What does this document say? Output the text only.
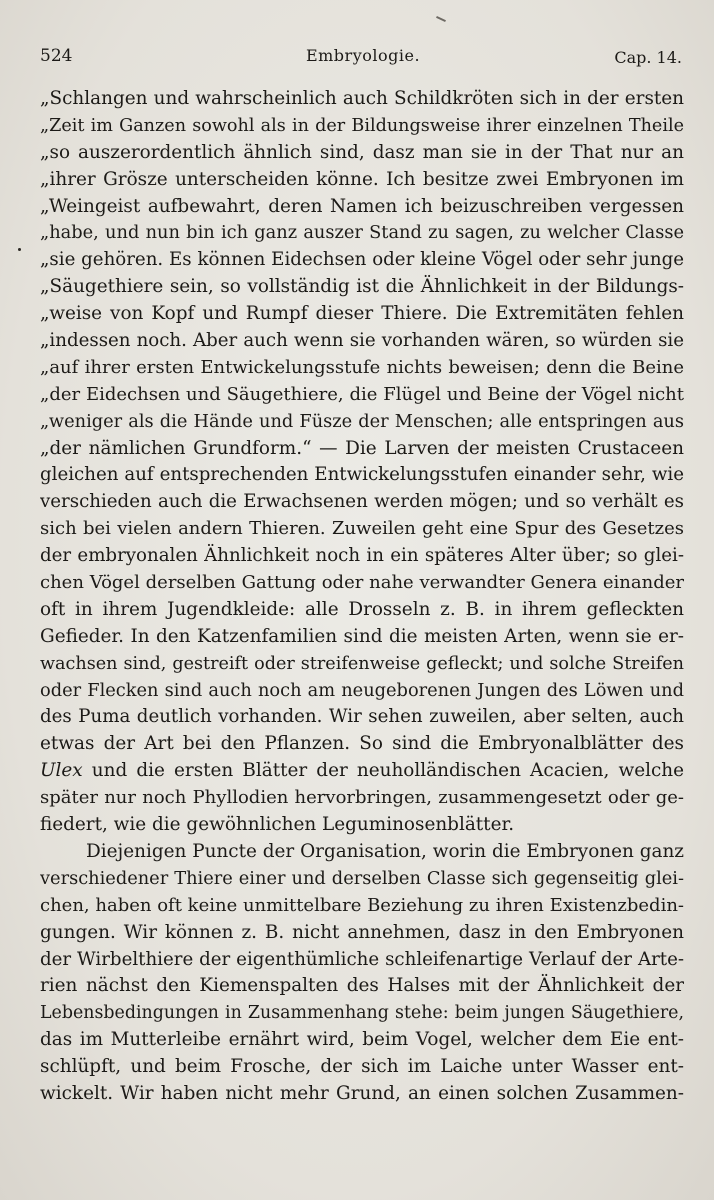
524	Embryologie.	Cap. 14.
„Schlangen und wahrscheinlich auch Schildkröten sich in der ersten
„Zeit im Ganzen sowohl als in der Bildungsweise ihrer einzelnen Theile
„so auszerordentlich ähnlich sind, dasz man sie in der That nur an
„ihrer Grösze unterscheiden könne. Ich besitze zwei Embryonen im
„Weingeist aufbewahrt, deren Namen ich beizuschreiben vergessen
„habe, und nun bin ich ganz auszer Stand zu sagen, zu welcher Classe
„sie gehören. Es können Eidechsen oder kleine Vögel oder sehr junge
„Säugethiere sein, so vollständig ist die Ähnlichkeit in der Bildungs-
„weise von Kopf und Rumpf dieser Thiere. Die Extremitäten fehlen
„indessen noch. Aber auch wenn sie vorhanden wären, so würden sie
„auf ihrer ersten Entwickelungsstufe nichts beweisen; denn die Beine
„der Eidechsen und Säugethiere, die Flügel und Beine der Vögel nicht
„weniger als die Hände und Füsze der Menschen; alle entspringen aus
„der nämlichen Grundform.“ — Die Larven der meisten Crustaceen
gleichen auf entsprechenden Entwickelungsstufen einander sehr, wie
verschieden auch die Erwachsenen werden mögen; und so verhält es
sich bei vielen andern Thieren. Zuweilen geht eine Spur des Gesetzes
der embryonalen Ähnlichkeit noch in ein späteres Alter über; so glei-
chen Vögel derselben Gattung oder nahe verwandter Genera einander
oft in ihrem Jugendkleide: alle Drosseln z. B. in ihrem gefleckten
Gefieder. In den Katzenfamilien sind die meisten Arten, wenn sie er-
wachsen sind, gestreift oder streifenweise gefleckt; und solche Streifen
oder Flecken sind auch noch am neugeborenen Jungen des Löwen und
des Puma deutlich vorhanden. Wir sehen zuweilen, aber selten, auch
etwas der Art bei den Pflanzen. So sind die Embryonalblätter des
Ulex und die ersten Blätter der neuholländischen Acacien, welche
später nur noch Phyllodien hervorbringen, zusammengesetzt oder ge-
fiedert, wie die gewöhnlichen Leguminosenblätter.
Diejenigen Puncte der Organisation, worin die Embryonen ganz
verschiedener Thiere einer und derselben Classe sich gegenseitig glei-
chen, haben oft keine unmittelbare Beziehung zu ihren Existenzbedin-
gungen. Wir können z. B. nicht annehmen, dasz in den Embryonen
der Wirbelthiere der eigenthümliche schleifenartige Verlauf der Arte-
rien nächst den Kiemenspalten des Halses mit der Ähnlichkeit der
Lebensbedingungen in Zusammenhang stehe: beim jungen Säugethiere,
das im Mutterleibe ernährt wird, beim Vogel, welcher dem Eie ent-
schlüpft, und beim Frosche, der sich im Laiche unter Wasser ent-
wickelt. Wir haben nicht mehr Grund, an einen solchen Zusammen-
